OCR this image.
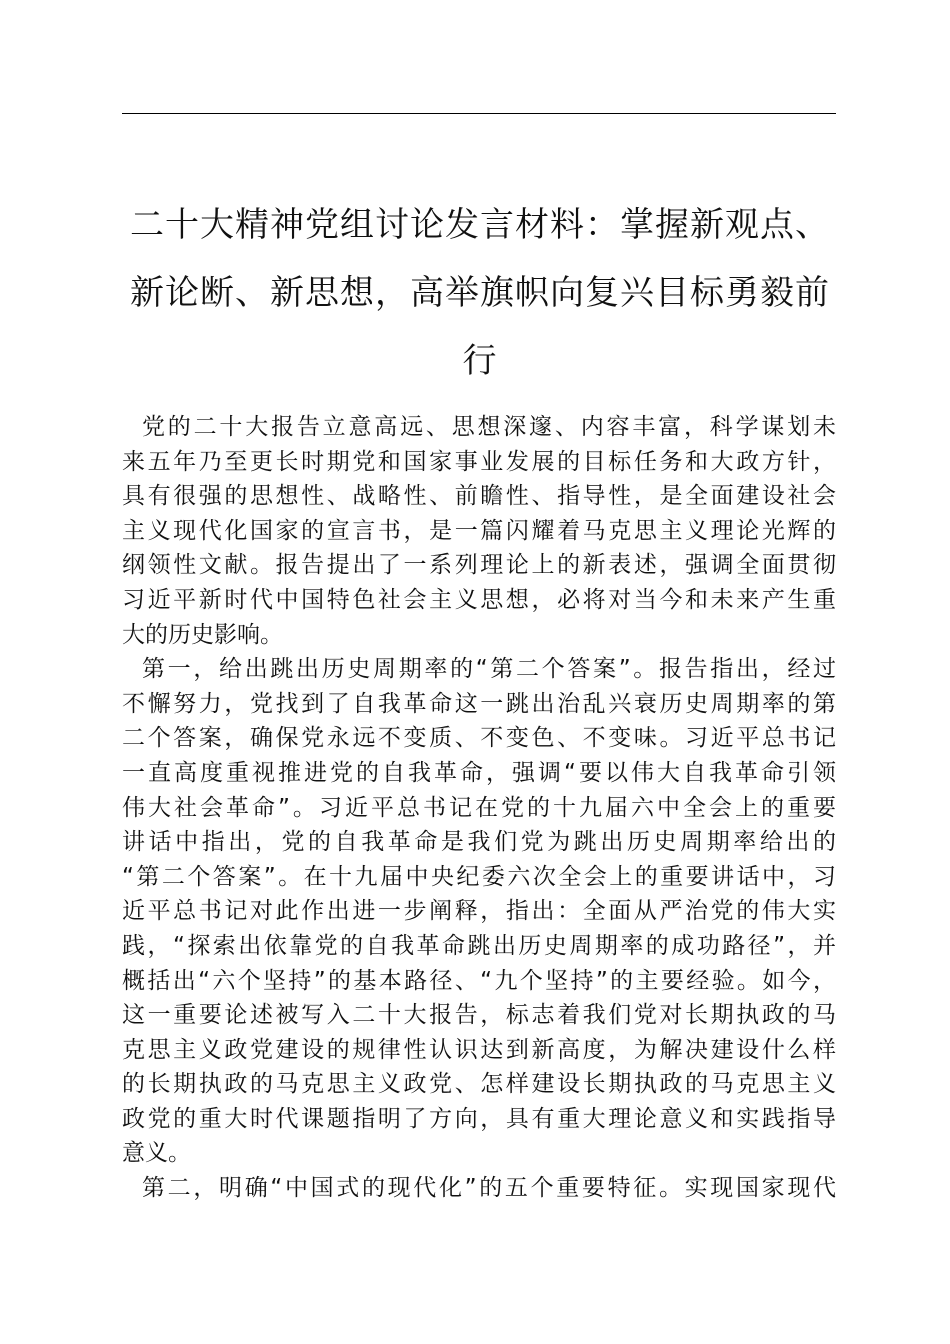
二十大精神党组讨论发言材料：掌握新观点、
新论断、新思想，高举旗帜向复兴目标勇毅前
行

党的二十大报告立意高远、思想深邃、内容丰富，科学谋划未
来五年乃至更长时期党和国家事业发展的目标任务和大政方针，
具有很强的思想性、战略性、前瞻性、指导性，是全面建设社会
主义现代化国家的宣言书，是一篇闪耀着马克思主义理论光辉的
纲领性文献。报告提出了一系列理论上的新表述，强调全面贯彻
习近平新时代中国特色社会主义思想，必将对当今和未来产生重
大的历史影响。

第一，给出跳出历史周期率的“第二个答案”。报告指出，经过
不懈努力，党找到了自我革命这一跳出治乱兴衰历史周期率的第
二个答案，确保党永远不变质、不变色、不变味。习近平总书记
一直高度重视推进党的自我革命，强调“要以伟大自我革命引领
伟大社会革命”。习近平总书记在党的十九届六中全会上的重要
讲话中指出，党的自我革命是我们党为跳出历史周期率给出的
“第二个答案”。在十九届中央纪委六次全会上的重要讲话中，习
近平总书记对此作出进一步阐释，指出：全面从严治党的伟大实
践，“探索出依靠党的自我革命跳出历史周期率的成功路径”，并
概括出“六个坚持”的基本路径、“九个坚持”的主要经验。如今，
这一重要论述被写入二十大报告，标志着我们党对长期执政的马
克思主义政党建设的规律性认识达到新高度，为解决建设什么样
的长期执政的马克思主义政党、怎样建设长期执政的马克思主义
政党的重大时代课题指明了方向，具有重大理论意义和实践指导
意义。

第二，明确“中国式的现代化”的五个重要特征。实现国家现代
